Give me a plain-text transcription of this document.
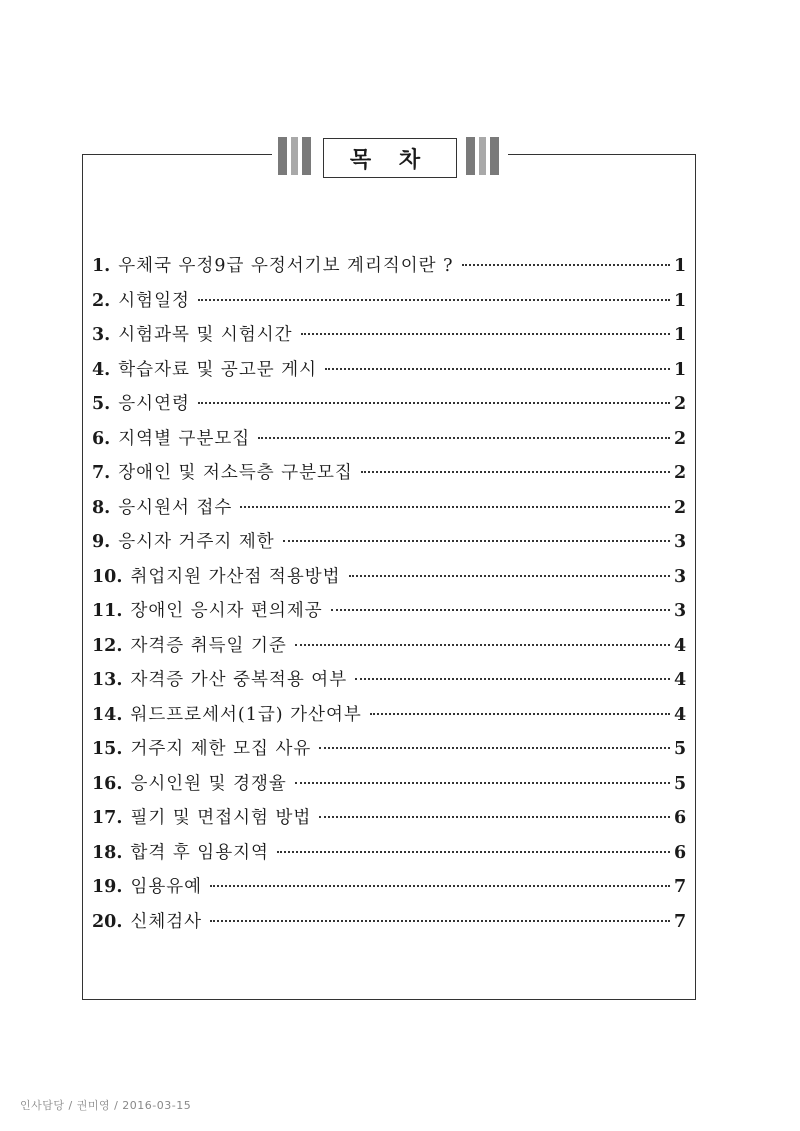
목 차
1. 우체국 우정9급 우정서기보 계리직이란 ?	1
2. 시험일정	1
3. 시험과목 및 시험시간	1
4. 학습자료 및 공고문 게시	1
5. 응시연령	2
6. 지역별 구분모집	2
7. 장애인 및 저소득층 구분모집	2
8. 응시원서 접수	2
9. 응시자 거주지 제한	3
10. 취업지원 가산점 적용방법	3
11. 장애인 응시자 편의제공	3
12. 자격증 취득일 기준	4
13. 자격증 가산 중복적용 여부	4
14. 워드프로세서(1급) 가산여부	4
15. 거주지 제한 모집 사유	5
16. 응시인원 및 경쟁율	5
17. 필기 및 면접시험 방법	6
18. 합격 후 임용지역	6
19. 임용유예	7
20. 신체검사	7
인사담당 / 권미영 / 2016-03-15
